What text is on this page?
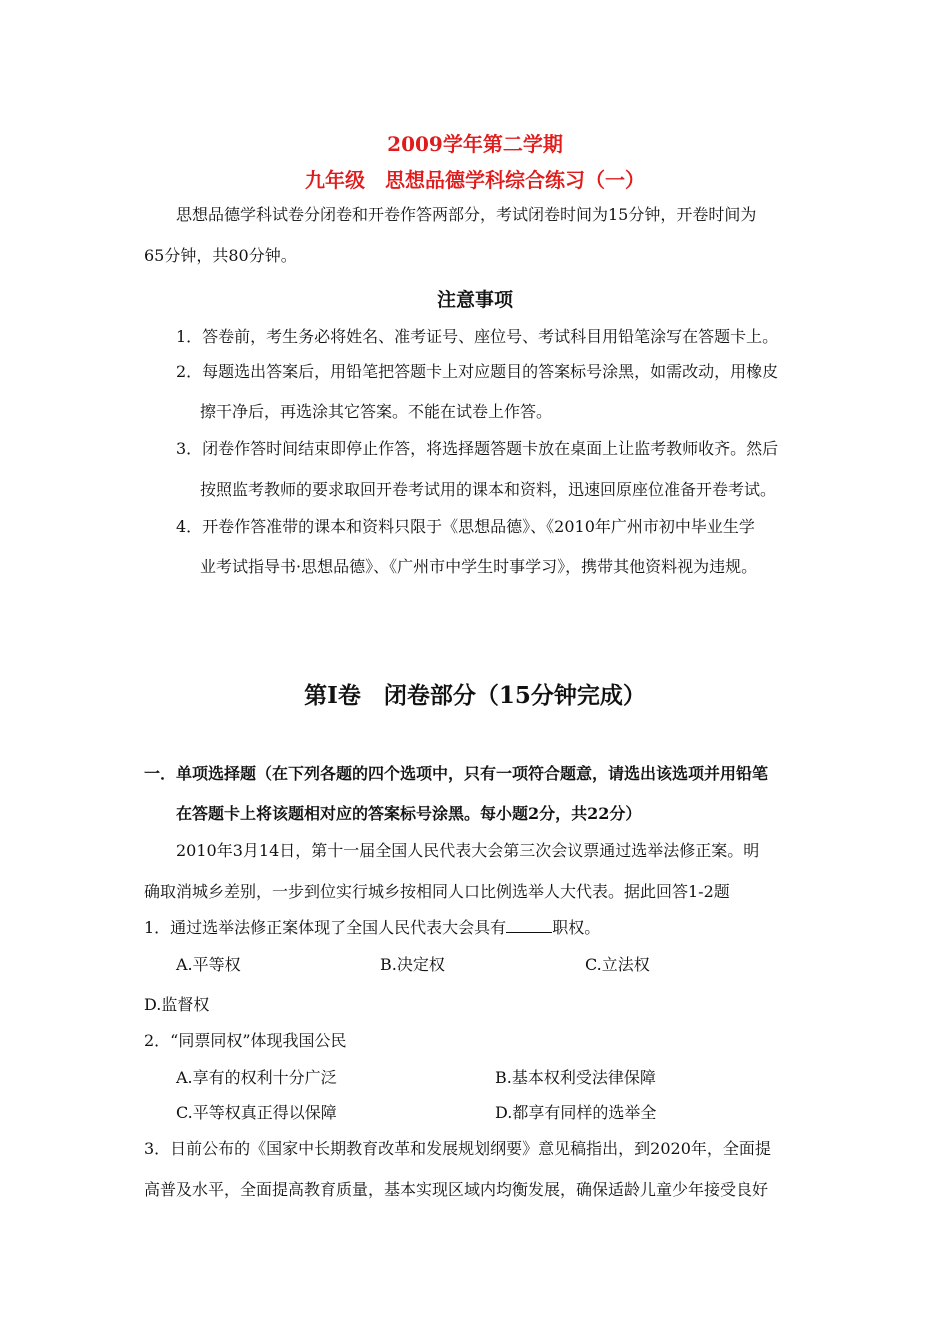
2009学年第二学期
九年级　思想品德学科综合练习（一）
思想品德学科试卷分闭卷和开卷作答两部分，考试闭卷时间为15分钟，开卷时间为
65分钟，共80分钟。
注意事项
1．答卷前，考生务必将姓名、准考证号、座位号、考试科目用铅笔涂写在答题卡上。
2．每题选出答案后，用铅笔把答题卡上对应题目的答案标号涂黑，如需改动，用橡皮
擦干净后，再选涂其它答案。不能在试卷上作答。
3．闭卷作答时间结束即停止作答，将选择题答题卡放在桌面上让监考教师收齐。然后
按照监考教师的要求取回开卷考试用的课本和资料，迅速回原座位准备开卷考试。
4．开卷作答准带的课本和资料只限于《思想品德》、《2010年广州市初中毕业生学
业考试指导书·思想品德》、《广州市中学生时事学习》，携带其他资料视为违规。
第I卷　闭卷部分（15分钟完成）
一．单项选择题（在下列各题的四个选项中，只有一项符合题意，请选出该选项并用铅笔
在答题卡上将该题相对应的答案标号涂黑。每小题2分，共22分）
2010年3月14日，第十一届全国人民代表大会第三次会议票通过选举法修正案。明
确取消城乡差别，一步到位实行城乡按相同人口比例选举人大代表。据此回答1-2题
1．通过选举法修正案体现了全国人民代表大会具有	职权。
A.平等权	B.决定权	C.立法权
D.监督权
2．“同票同权”体现我国公民
A.享有的权利十分广泛	B.基本权利受法律保障
C.平等权真正得以保障	D.都享有同样的选举全
3．日前公布的《国家中长期教育改革和发展规划纲要》意见稿指出，到2020年，全面提
高普及水平，全面提高教育质量，基本实现区域内均衡发展，确保适龄儿童少年接受良好
